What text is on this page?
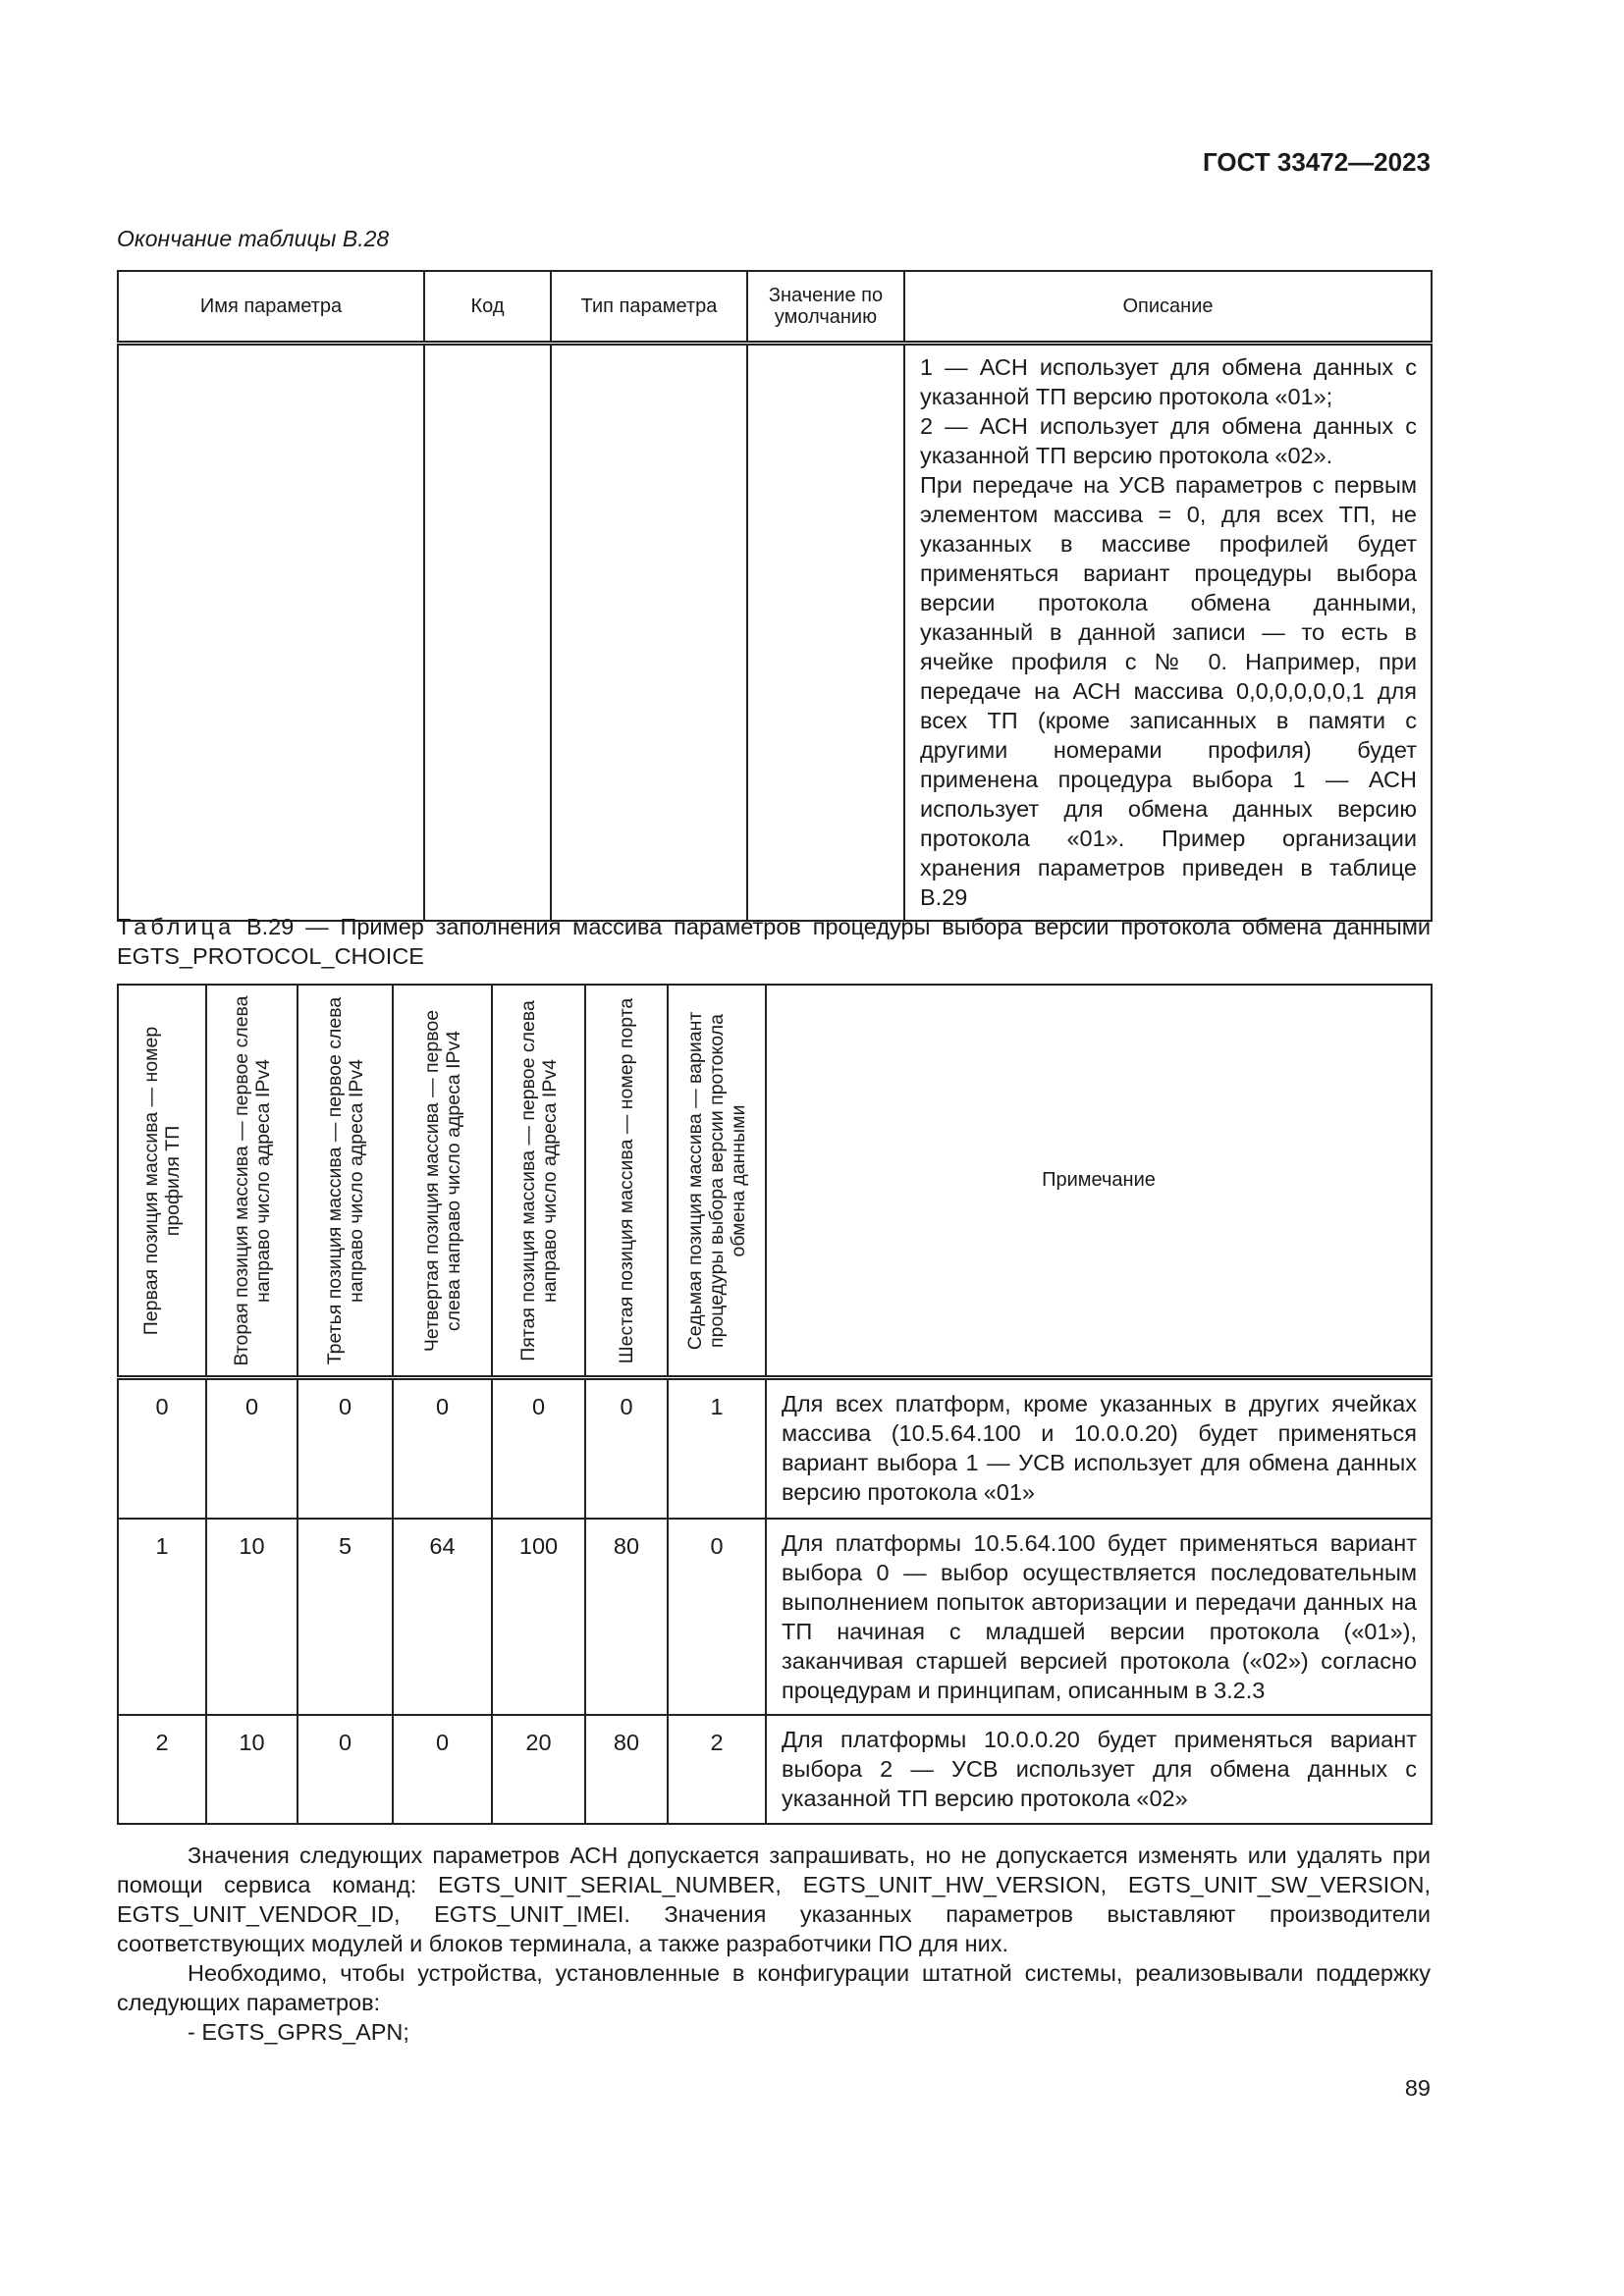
ГОСТ 33472—2023
Окончание таблицы В.28
Имя параметра	Код	Тип параметра	Значение по умолчанию	Описание

				1 — АСН использует для обмена данных с указанной ТП версию протокола «01»;

2 — АСН использует для обмена данных с указанной ТП версию протокола «02».

При передаче на УСВ параметров с первым элементом массива = 0, для всех ТП, не указанных в массиве профилей будет применяться вариант процедуры выбора версии протокола обмена данными, указанный в данной записи — то есть в ячейке профиля с № 0. Например, при передаче на АСН массива 0,0,0,0,0,0,1 для всех ТП (кроме записанных в памяти с другими номерами профиля) будет применена процедура выбора 1 — АСН использует для обмена данных версию протокола «01». Пример организации хранения параметров приведен в таблице В.29

Таблица В.29 — Пример заполнения массива параметров процедуры выбора версии протокола обмена данными EGTS_PROTOCOL_CHOICE
Первая позиция массива — номер профиля ТП	Вторая позиция массива — первое слева направо число адреса IPv4	Третья позиция массива — первое слева направо число адреса IPv4	Четвертая позиция массива — первое слева направо число адреса IPv4	Пятая позиция массива — первое слева направо число адреса IPv4	Шестая позиция массива — номер порта	Седьмая позиция массива — вариант процедуры выбора версии протокола обмена данными	Примечание
0	0	0	0	0	0	1	Для всех платформ, кроме указанных в других ячейках массива (10.5.64.100 и 10.0.0.20) будет применяться вариант выбора 1 — УСВ использует для обмена данных версию протокола «01»
1	10	5	64	100	80	0	Для платформы 10.5.64.100 будет применяться вариант выбора 0 — выбор осуществляется последовательным выполнением попыток авторизации и передачи данных на ТП начиная с младшей версии протокола («01»), заканчивая старшей версией протокола («02») согласно процедурам и принципам, описанным в 3.2.3
2	10	0	0	20	80	2	Для платформы 10.0.0.20 будет применяться вариант выбора 2 — УСВ использует для обмена данных с указанной ТП версию протокола «02»

Значения следующих параметров АСН допускается запрашивать, но не допускается изменять или удалять при помощи сервиса команд: EGTS_UNIT_SERIAL_NUMBER, EGTS_UNIT_HW_VERSION, EGTS_UNIT_SW_VERSION, EGTS_UNIT_VENDOR_ID, EGTS_UNIT_IMEI. Значения указанных параметров выставляют производители соответствующих модулей и блоков терминала, а также разработчики ПО для них.

Необходимо, чтобы устройства, установленные в конфигурации штатной системы, реализовывали поддержку следующих параметров:

- EGTS_GPRS_APN;

89
